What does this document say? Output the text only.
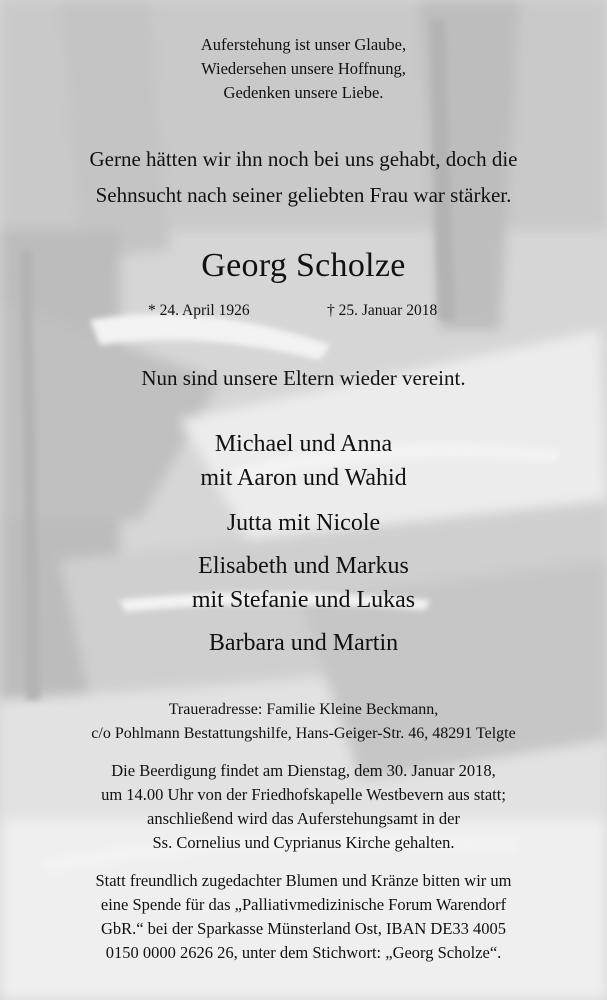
Auferstehung ist unser Glaube,
Wiedersehen unsere Hoffnung,
Gedenken unsere Liebe.
Gerne hätten wir ihn noch bei uns gehabt, doch die
Sehnsucht nach seiner geliebten Frau war stärker.
Georg Scholze
* 24. April 1926	† 25. Januar 2018
Nun sind unsere Eltern wieder vereint.
Michael und Anna
mit Aaron und Wahid
Jutta mit Nicole
Elisabeth und Markus
mit Stefanie und Lukas
Barbara und Martin
Traueradresse: Familie Kleine Beckmann,
c/o Pohlmann Bestattungshilfe, Hans-Geiger-Str. 46, 48291 Telgte
Die Beerdigung findet am Dienstag, dem 30. Januar 2018,
um 14.00 Uhr von der Friedhofskapelle Westbevern aus statt;
anschließend wird das Auferstehungsamt in der
Ss. Cornelius und Cyprianus Kirche gehalten.
Statt freundlich zugedachter Blumen und Kränze bitten wir um
eine Spende für das „Palliativmedizinische Forum Warendorf
GbR.“ bei der Sparkasse Münsterland Ost, IBAN DE33 4005
0150 0000 2626 26, unter dem Stichwort: „Georg Scholze“.
